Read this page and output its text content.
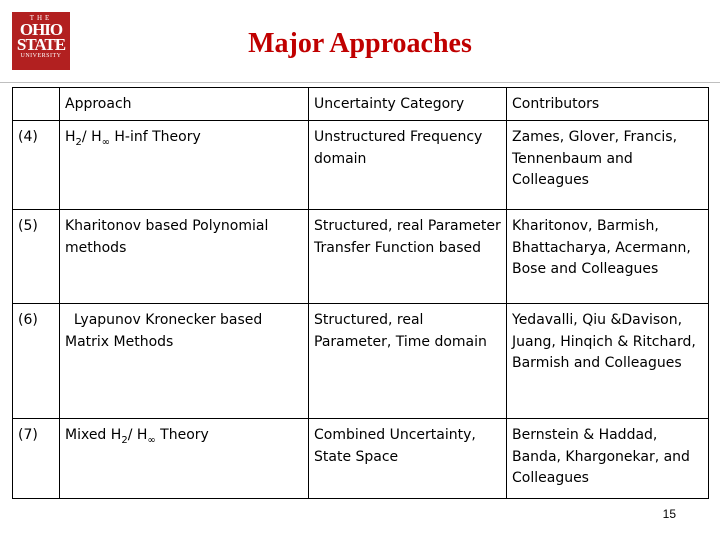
THE
OHIO
STATE
UNIVERSITY	Major Approaches
	Approach	Uncertainty Category	Contributors
(4)	$H_2/$ $H_\infty$ H-inf Theory	Unstructured Frequency domain	Zames, Glover, Francis, Tennenbaum and Colleagues
(5)	Kharitonov based Polynomial methods	Structured, real Parameter Transfer Function based	Kharitonov, Barmish, Bhattacharya, Acermann, Bose and Colleagues
(6)	Lyapunov Kronecker based Matrix Methods	Structured, real Parameter, Time domain	Yedavalli, Qiu &Davison, Juang, Hinqich & Ritchard, Barmish and Colleagues
(7)	Mixed $H_2/$ $H_\infty$ Theory	Combined Uncertainty, State Space	Bernstein & Haddad, Banda, Khargonekar, and Colleagues
15
